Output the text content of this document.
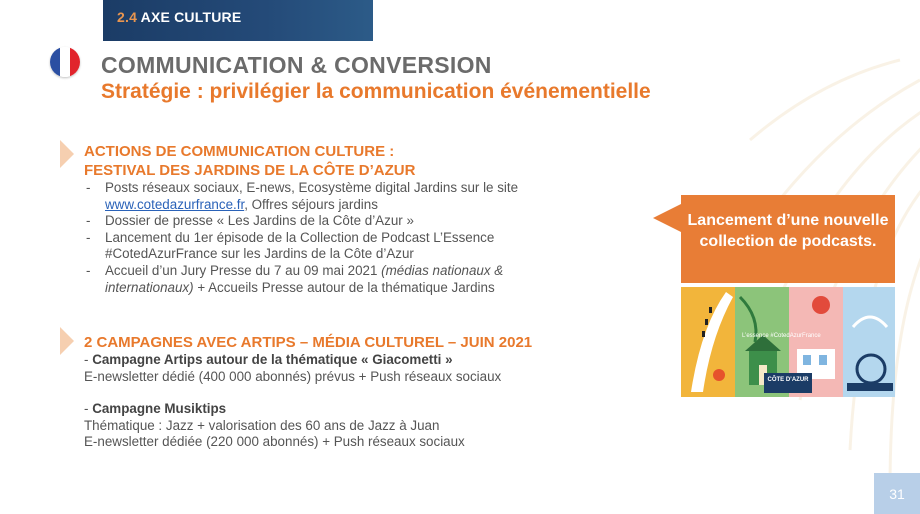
2.4 AXE CULTURE
COMMUNICATION & CONVERSION
Stratégie : privilégier la communication événementielle
ACTIONS DE COMMUNICATION CULTURE :
FESTIVAL DES JARDINS DE LA CÔTE D’AZUR
- Posts réseaux sociaux, E-news, Ecosystème digital Jardins sur le site www.cotedazurfrance.fr, Offres séjours jardins
- Dossier de presse « Les Jardins de la Côte d’Azur »
- Lancement du 1er épisode de la Collection de Podcast L’Essence #CotedAzurFrance sur les Jardins de la Côte d’Azur
- Accueil d’un Jury Presse du 7 au 09 mai 2021 (médias nationaux & internationaux) + Accueils Presse autour de la thématique Jardins
2 CAMPAGNES AVEC ARTIPS – MÉDIA CULTUREL – JUIN 2021
- Campagne Artips autour de la thématique « Giacometti »
E-newsletter dédié (400 000 abonnés) prévus + Push réseaux sociaux
- Campagne Musiktips
Thématique : Jazz + valorisation des 60 ans de Jazz à Juan
E-newsletter dédiée (220 000 abonnés) + Push réseaux sociaux
Lancement d’une nouvelle collection de podcasts.
L’essence #CotedAzurFrance
CÔTE D’AZUR
31
